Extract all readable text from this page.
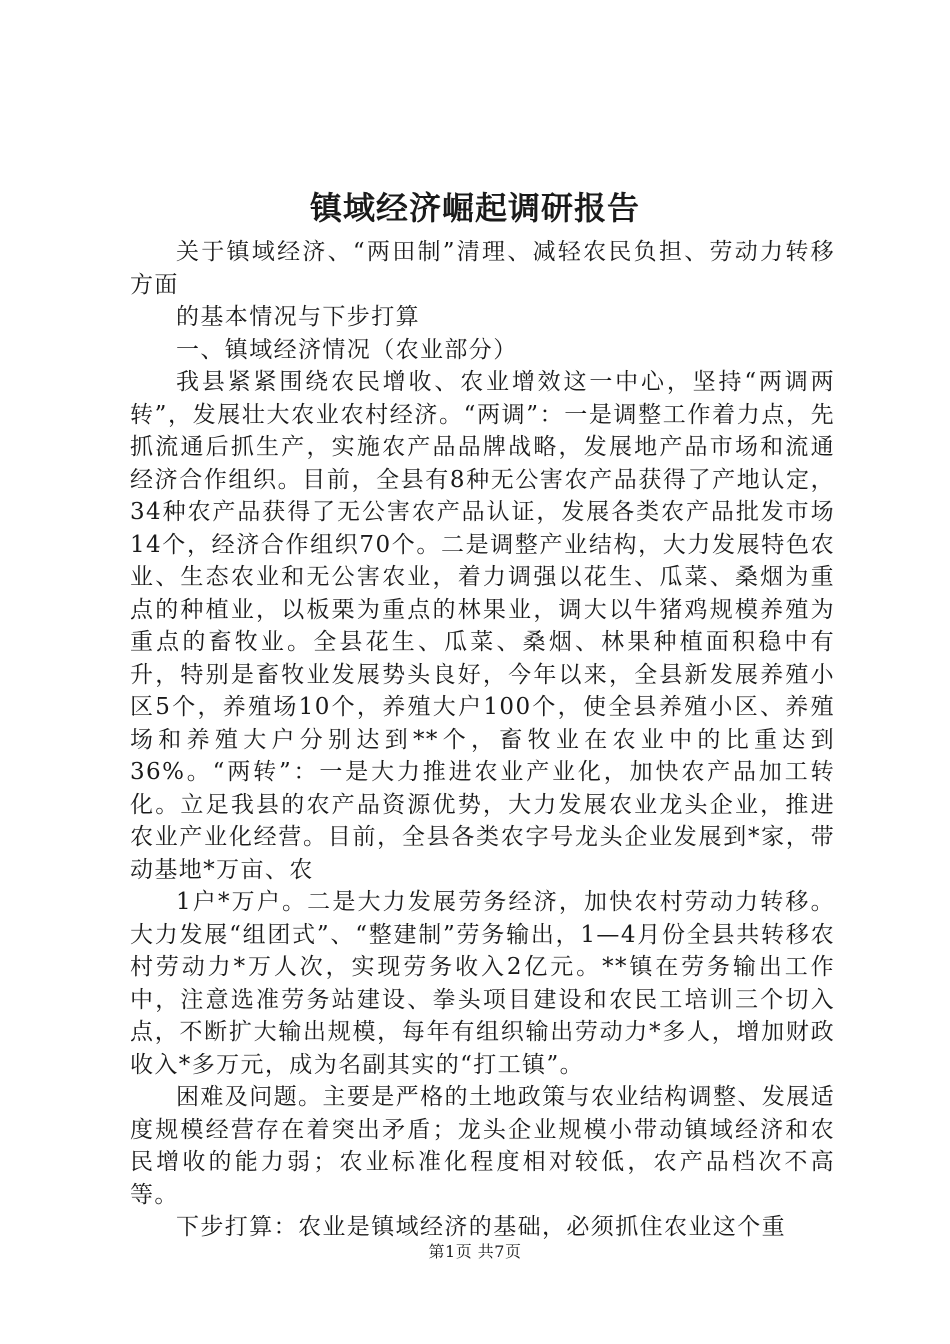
镇域经济崛起调研报告

关于镇域经济、“两田制”清理、减轻农民负担、劳动力转移方面

的基本情况与下步打算

一、镇域经济情况（农业部分）

我县紧紧围绕农民增收、农业增效这一中心，坚持“两调两转”，发展壮大农业农村经济。“两调”：一是调整工作着力点，先抓流通后抓生产，实施农产品品牌战略，发展地产品市场和流通经济合作组织。目前，全县有8种无公害农产品获得了产地认定，34种农产品获得了无公害农产品认证，发展各类农产品批发市场14个，经济合作组织70个。二是调整产业结构，大力发展特色农业、生态农业和无公害农业，着力调强以花生、瓜菜、桑烟为重点的种植业，以板栗为重点的林果业，调大以牛猪鸡规模养殖为重点的畜牧业。全县花生、瓜菜、桑烟、林果种植面积稳中有升，特别是畜牧业发展势头良好，今年以来，全县新发展养殖小区5个，养殖场10个，养殖大户100个，使全县养殖小区、养殖场和养殖大户分别达到**个，畜牧业在农业中的比重达到36%。“两转”：一是大力推进农业产业化，加快农产品加工转化。立足我县的农产品资源优势，大力发展农业龙头企业，推进农业产业化经营。目前，全县各类农字号龙头企业发展到*家，带动基地*万亩、农

1户*万户。二是大力发展劳务经济，加快农村劳动力转移。大力发展“组团式”、“整建制”劳务输出，1—4月份全县共转移农村劳动力*万人次，实现劳务收入2亿元。**镇在劳务输出工作中，注意选准劳务站建设、拳头项目建设和农民工培训三个切入点，不断扩大输出规模，每年有组织输出劳动力*多人，增加财政收入*多万元，成为名副其实的“打工镇”。

困难及问题。主要是严格的土地政策与农业结构调整、发展适度规模经营存在着突出矛盾；龙头企业规模小带动镇域经济和农民增收的能力弱；农业标准化程度相对较低，农产品档次不高等。

下步打算：农业是镇域经济的基础，必须抓住农业这个重

第1页 共7页
